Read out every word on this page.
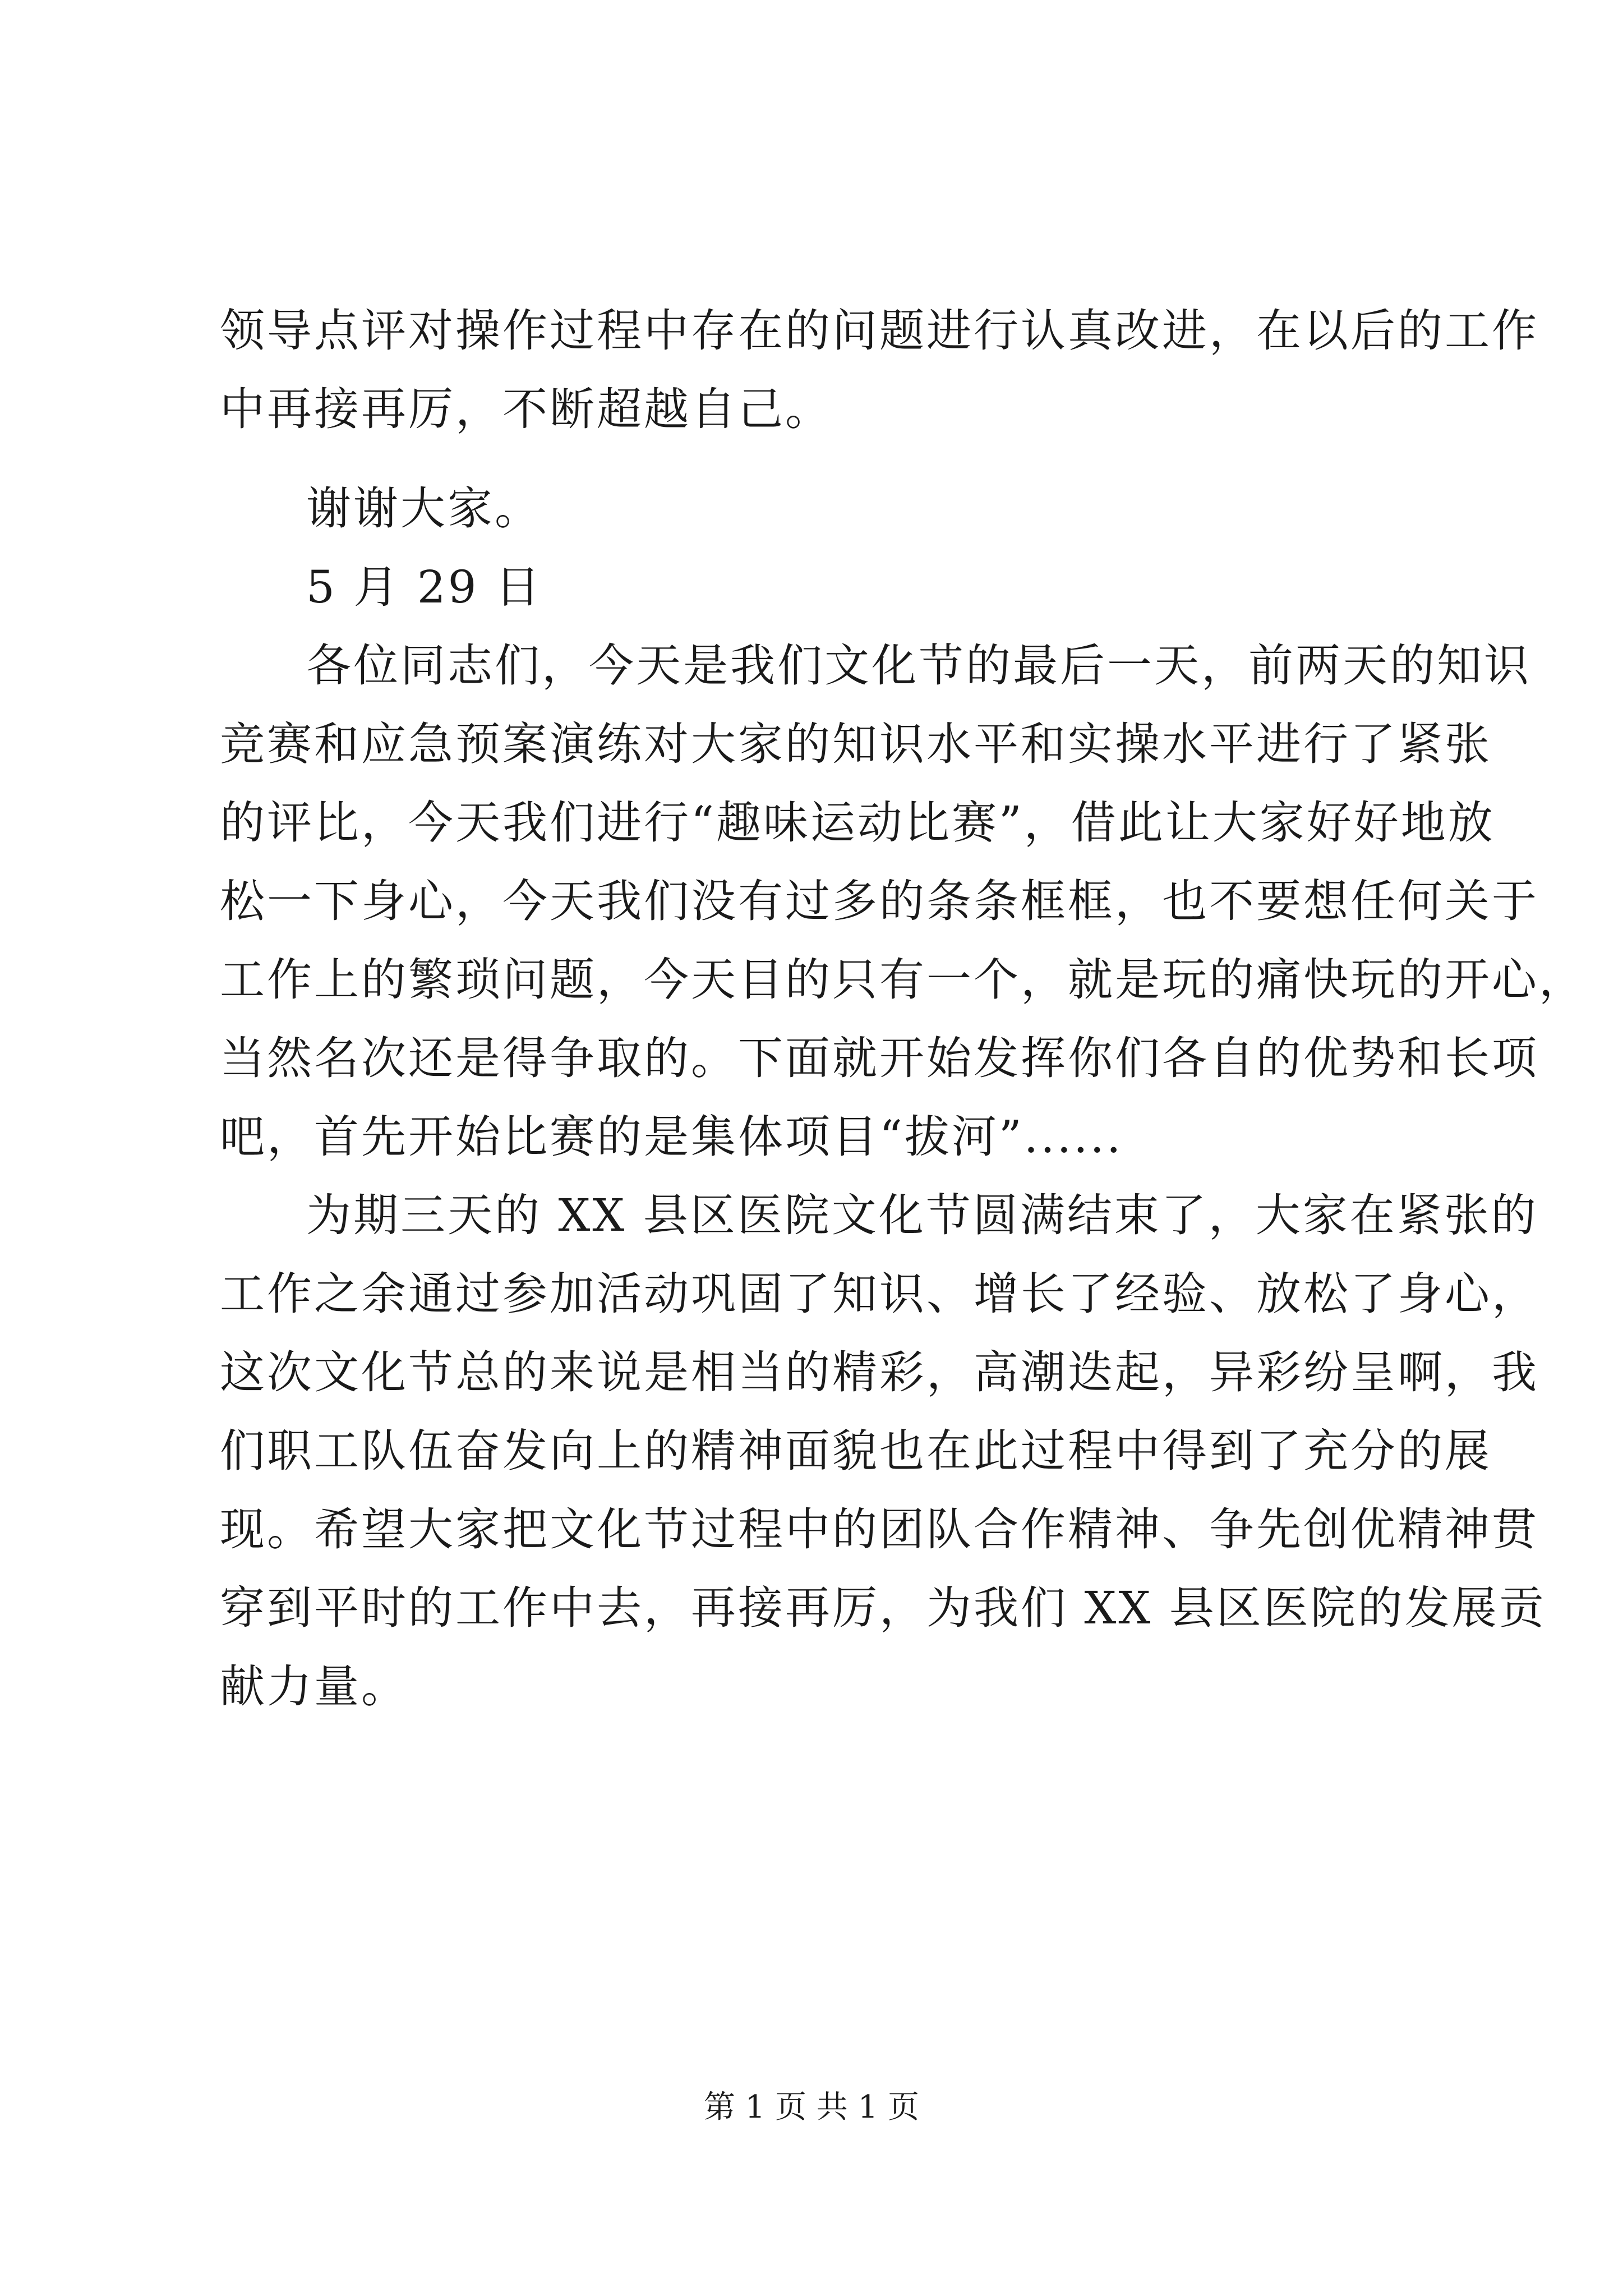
领导点评对操作过程中存在的问题进行认真改进，在以后的工作
中再接再厉，不断超越自己。
谢谢大家。
5 月 29 日
各位同志们，今天是我们文化节的最后一天，前两天的知识
竞赛和应急预案演练对大家的知识水平和实操水平进行了紧张
的评比，今天我们进行“趣味运动比赛”，借此让大家好好地放
松一下身心，今天我们没有过多的条条框框，也不要想任何关于
工作上的繁琐问题，今天目的只有一个，就是玩的痛快玩的开心，
当然名次还是得争取的。下面就开始发挥你们各自的优势和长项
吧，首先开始比赛的是集体项目“拔河”......
为期三天的 XX 县区医院文化节圆满结束了，大家在紧张的
工作之余通过参加活动巩固了知识、增长了经验、放松了身心，
这次文化节总的来说是相当的精彩，高潮迭起，异彩纷呈啊，我
们职工队伍奋发向上的精神面貌也在此过程中得到了充分的展
现。希望大家把文化节过程中的团队合作精神、争先创优精神贯
穿到平时的工作中去，再接再厉，为我们 XX 县区医院的发展贡
献力量。
第 1 页 共 1 页
